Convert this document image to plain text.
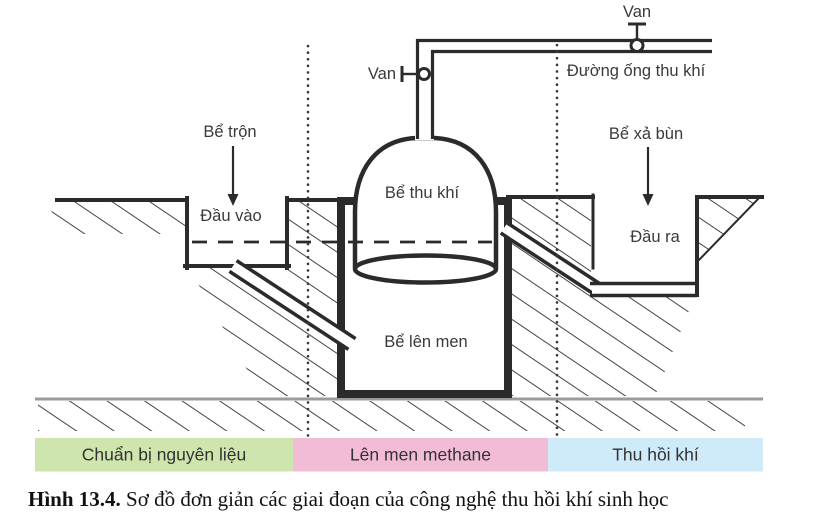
Van
Van
Đường ống thu khí
Bể trộn
Đầu vào
Bể thu khí
Bể xả bùn
Đầu ra
Bể lên men
Chuẩn bị nguyên liệu	Lên men methane	Thu hồi khí
Hình 13.4. Sơ đồ đơn giản các giai đoạn của công nghệ thu hồi khí sinh học
